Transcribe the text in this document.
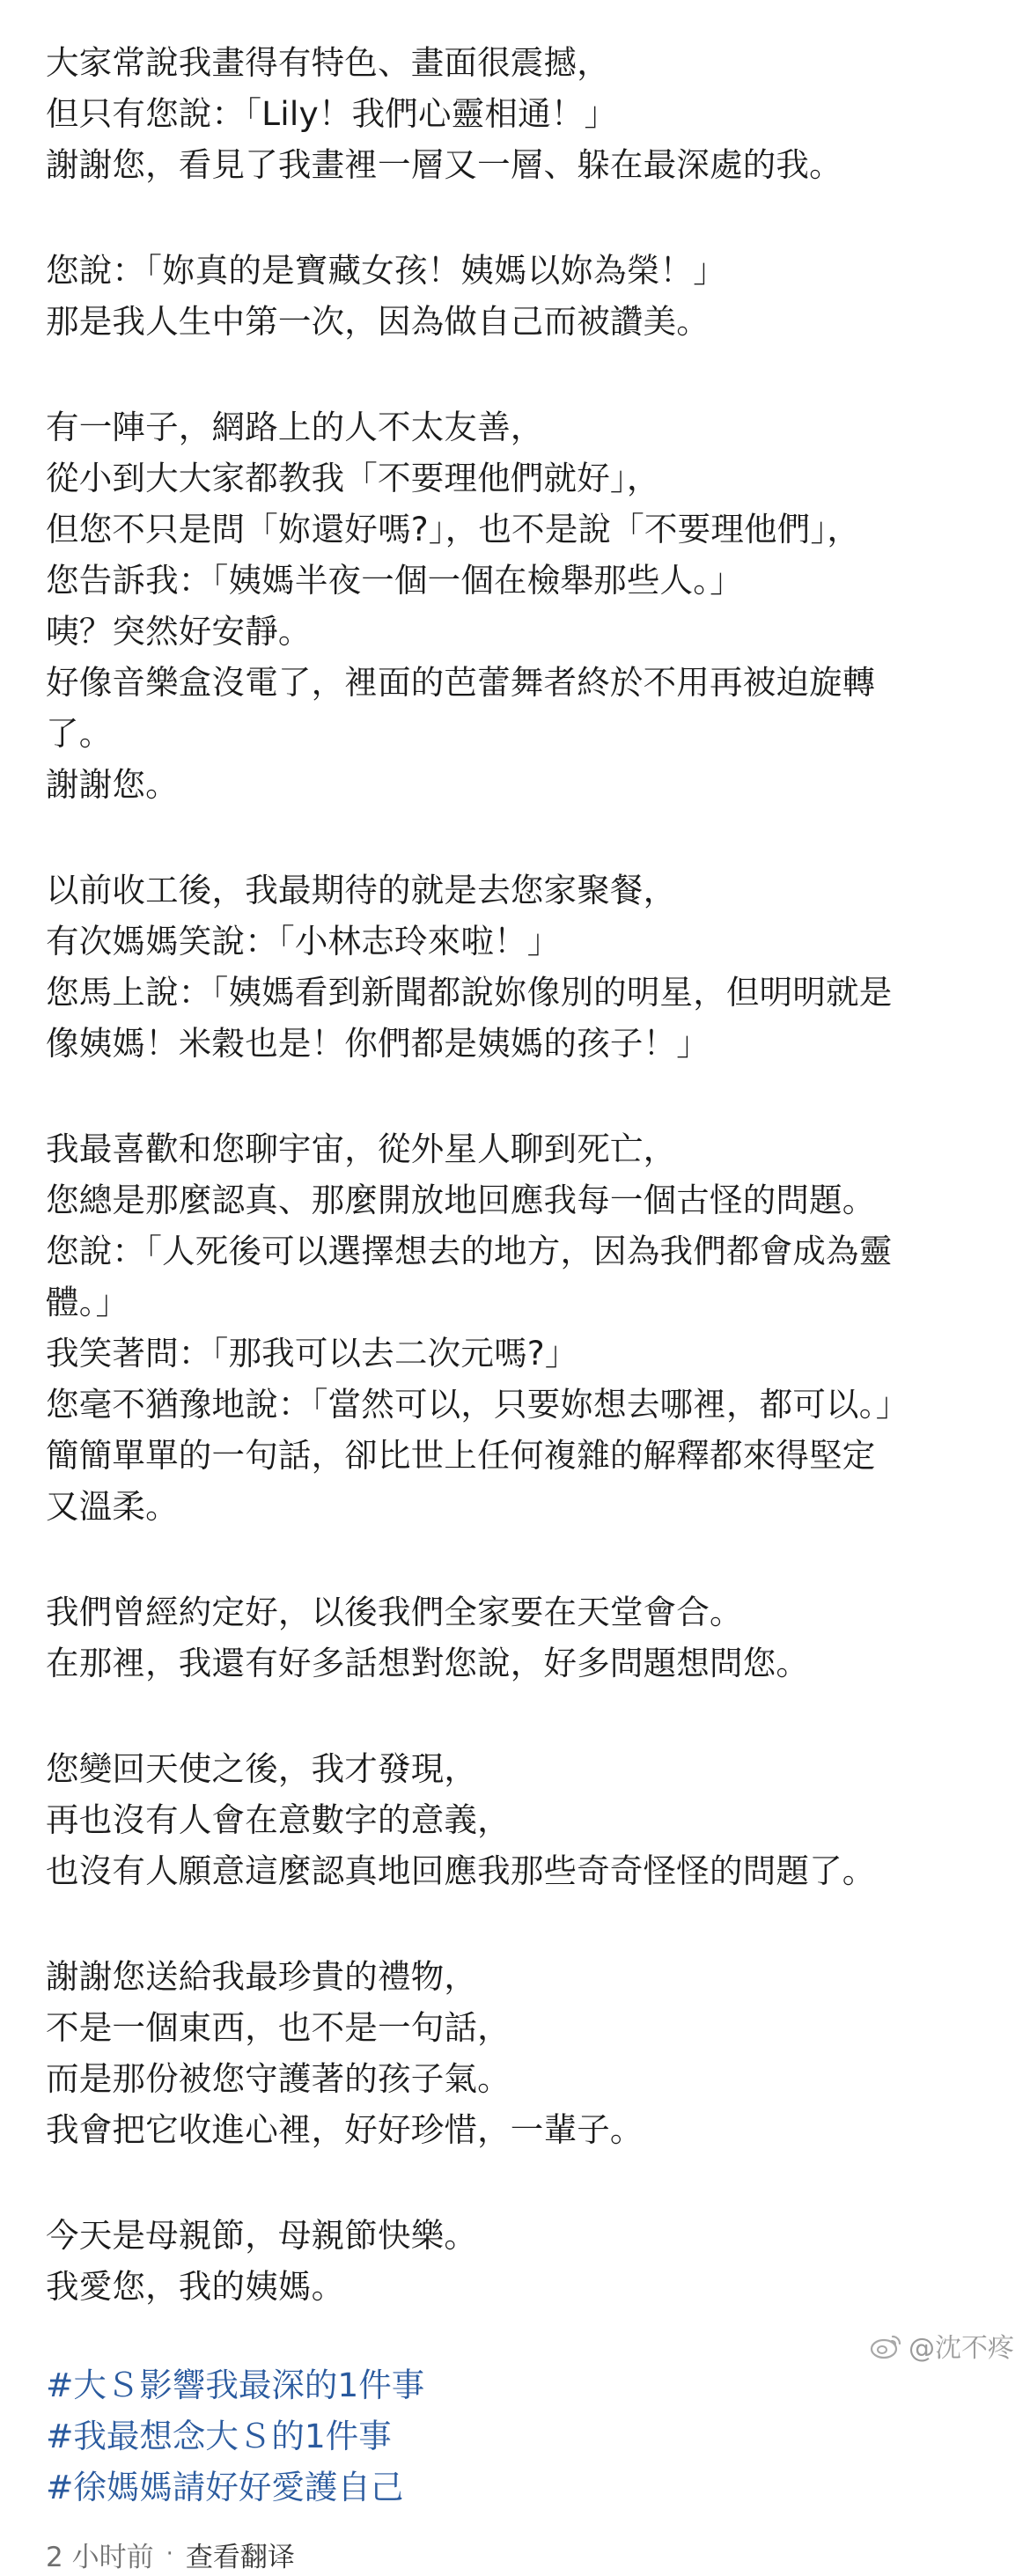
大家常說我畫得有特色、畫面很震撼，
但只有您說：「Lily！我們心靈相通！」
謝謝您，看見了我畫裡一層又一層、躲在最深處的我。
您說：「妳真的是寶藏女孩！姨媽以妳為榮！」
那是我人生中第一次，因為做自己而被讚美。
有一陣子，網路上的人不太友善，
從小到大大家都教我「不要理他們就好」，
但您不只是問「妳還好嗎?」，也不是說「不要理他們」，
您告訴我：「姨媽半夜一個一個在檢舉那些人。」
咦？突然好安靜。
好像音樂盒沒電了，裡面的芭蕾舞者終於不用再被迫旋轉
了。
謝謝您。
以前收工後，我最期待的就是去您家聚餐，
有次媽媽笑說：「小林志玲來啦！」
您馬上說：「姨媽看到新聞都說妳像別的明星，但明明就是
像姨媽！米穀也是！你們都是姨媽的孩子！」
我最喜歡和您聊宇宙，從外星人聊到死亡，
您總是那麼認真、那麼開放地回應我每一個古怪的問題。
您說：「人死後可以選擇想去的地方，因為我們都會成為靈
體。」
我笑著問：「那我可以去二次元嗎?」
您毫不猶豫地說：「當然可以，只要妳想去哪裡，都可以。」
簡簡單單的一句話，卻比世上任何複雜的解釋都來得堅定
又溫柔。
我們曾經約定好，以後我們全家要在天堂會合。
在那裡，我還有好多話想對您說，好多問題想問您。
您變回天使之後，我才發現，
再也沒有人會在意數字的意義，
也沒有人願意這麼認真地回應我那些奇奇怪怪的問題了。
謝謝您送給我最珍貴的禮物，
不是一個東西，也不是一句話，
而是那份被您守護著的孩子氣。
我會把它收進心裡，好好珍惜，一輩子。
今天是母親節，母親節快樂。
我愛您，我的姨媽。
#大Ｓ影響我最深的1件事
#我最想念大Ｓ的1件事
#徐媽媽請好好愛護自己
2 小时前 · 查看翻译
@沈不疼
